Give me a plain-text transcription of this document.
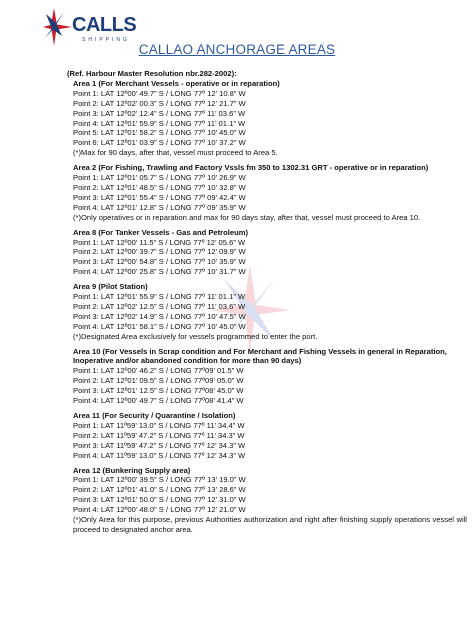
CALLS
SHIPPING
CALLAO ANCHORAGE AREAS
(Ref. Harbour Master Resolution nbr.282-2002):
Area 1 (For Merchant Vessels - operative or in reparation)
Point 1: LAT 12º00’ 49.7” S / LONG 77º 12’ 10.8” W
Point 2: LAT 12º02’ 00.3” S / LONG 77º 12’ 21.7” W
Point 3: LAT 12º02’ 12.4” S / LONG 77º 11’ 03.6” W
Point 4: LAT 12º01’ 55.9” S / LONG 77º 11’ 01.1” W
Point 5: LAT 12º01’ 58.2” S / LONG 77º 10’ 45.0” W
Point 6: LAT 12º01’ 03.9” S / LONG 77º 10’ 37.2” W
(*)Max for 90 days, after that, vessel must proceed to Area 5.
Area 2 (For Fishing, Trawling and Factory Vssls fm 350 to 1302.31 GRT - operative or in reparation)
Point 1: LAT 12º01’ 05.7” S / LONG 77º 10’ 26.9” W
Point 2: LAT 12º01’ 48.5” S / LONG 77º 10’ 32.8” W
Point 3: LAT 12º01’ 55.4” S / LONG 77º 09’ 42.4” W
Point 4: LAT 12º01’ 12.8” S / LONG 77º 09’ 35.9” W
(*)Only operatives or in reparation and max for 90 days stay, after that, vessel must proceed to Area 10.
Area 8 (For Tanker Vessels - Gas and Petroleum)
Point 1: LAT 12º00’ 11.5” S / LONG 77º 12’ 05.6” W
Point 2: LAT 12º00’ 39.7” S / LONG 77º 12’ 09.9” W
Point 3: LAT 12º00’ 54.8” S / LONG 77º 10’ 35.9” W
Point 4: LAT 12º00’ 25.8” S / LONG 77º 10’ 31.7” W
Area 9 (Pilot Station)
Point 1: LAT 12º01’ 55.9” S / LONG 77º 11’ 01.1” W
Point 2: LAT 12º02’ 12.5” S / LONG 77º 11’ 03.6” W
Point 3: LAT 12º02’ 14.9” S / LONG 77º 10’ 47.5” W
Point 4: LAT 12º01’ 58.1” S / LONG 77º 10’ 45.0” W
(*)Designated Area exclusively for vessels programmed to enter the port.
Area 10 (For Vessels in Scrap condition and For Merchant and Fishing Vessels in general in Reparation, Inoperative and/or abandoned condition for more than 90 days)
Point 1: LAT 12º00’ 46.2” S / LONG 77º09’ 01.5” W
Point 2: LAT 12º01’ 09.5” S / LONG 77º09’ 05.0” W
Point 3: LAT 12º01’ 12.5” S / LONG 77º08’ 45.0” W
Point 4: LAT 12º00’ 49.7” S / LONG 77º08’ 41.4” W
Area 11 (For Security / Quarantine / Isolation)
Point 1: LAT 11º59’ 13.0” S / LONG 77º 11’ 34.4” W
Point 2: LAT 11º59’ 47.2” S / LONG 77º 11’ 34.3” W
Point 3: LAT 11º59’ 47.2” S / LONG 77º 12’ 34.3” W
Point 4: LAT 11º59’ 13.0” S / LONG 77º 12’ 34.3” W
Area 12 (Bunkering Supply area)
Point 1: LAT 12º00’ 39.5” S / LONG 77º 13’ 19.0” W
Point 2: LAT 12º01’ 41.0” S / LONG 77º 13’ 28.6” W
Point 3: LAT 12º01’ 50.0” S / LONG 77º 12’ 31.0” W
Point 4: LAT 12º00’ 48.0” S / LONG 77º 12’ 21.0” W
(*)Only Area for this purpose, previous Authorities authorization and right after finishing supply operations vessel will proceed to designated anchor area.
